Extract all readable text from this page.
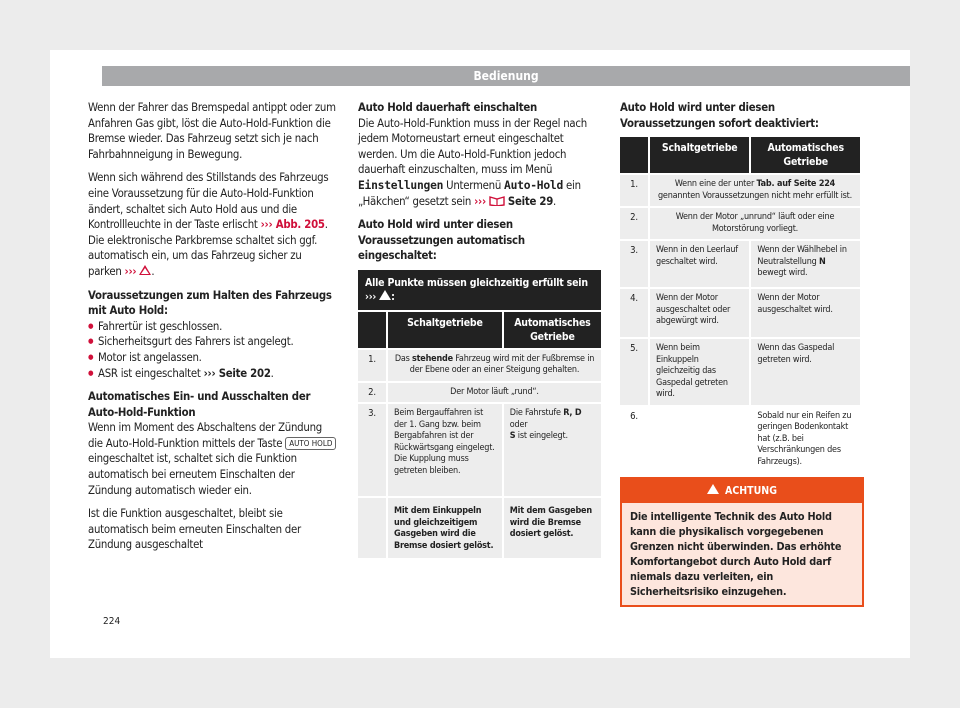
Bedienung

Wenn der Fahrer das Bremspedal antippt oder zum Anfahren Gas gibt, löst die Auto-Hold-Funktion die Bremse wieder. Das Fahrzeug setzt sich je nach Fahrbahnneigung in Bewegung.

Wenn sich während des Stillstands des Fahrzeugs eine Voraussetzung für die Auto-Hold-Funktion ändert, schaltet sich Auto Hold aus und die Kontrollleuchte in der Taste erlischt ››› Abb. 205. Die elektronische Parkbremse schaltet sich ggf. automatisch ein, um das Fahrzeug sicher zu parken ››› .

Voraussetzungen zum Halten des Fahrzeugs mit Auto Hold:

● Fahrertür ist geschlossen.
● Sicherheitsgurt des Fahrers ist angelegt.
● Motor ist angelassen.
● ASR ist eingeschaltet ››› Seite 202.

Automatisches Ein- und Ausschalten der Auto-Hold-Funktion

Wenn im Moment des Abschaltens der Zündung die Auto-Hold-Funktion mittels der Taste AUTO HOLD eingeschaltet ist, schaltet sich die Funktion automatisch bei erneutem Einschalten der Zündung automatisch wieder ein.

Ist die Funktion ausgeschaltet, bleibt sie automatisch beim erneuten Einschalten der Zündung ausgeschaltet

Auto Hold dauerhaft einschalten

Die Auto-Hold-Funktion muss in der Regel nach jedem Motorneustart erneut eingeschaltet werden. Um die Auto-Hold-Funktion jedoch dauerhaft einzuschalten, muss im Menü Einstellungen Untermenü Auto-Hold ein „Häkchen“ gesetzt sein ››› Seite 29.

Auto Hold wird unter diesen Voraussetzungen automatisch eingeschaltet:

Alle Punkte müssen gleichzeitig erfüllt sein
››› :		
	Schaltgetriebe	Automatisches Getriebe
1.	Das stehende Fahrzeug wird mit der Fußbremse in der Ebene oder an einer Steigung gehalten.	
2.	Der Motor läuft „rund“.	
3.	Beim Bergauffahren ist der 1. Gang bzw. beim Bergabfahren ist der Rückwärtsgang eingelegt. Die Kupplung muss getreten bleiben.	Die Fahrstufe R, D oder
S ist eingelegt.
	Mit dem Einkuppeln und gleichzeitigem Gasgeben wird die Bremse dosiert gelöst.	Mit dem Gasgeben wird die Bremse dosiert gelöst.

Auto Hold wird unter diesen Voraussetzungen sofort deaktiviert:

	Schaltgetriebe	Automatisches Getriebe
1.	Wenn eine der unter Tab. auf Seite 224 genannten Voraussetzungen nicht mehr erfüllt ist.	
2.	Wenn der Motor „unrund“ läuft oder eine Motorstörung vorliegt.	
3.	Wenn in den Leerlauf geschaltet wird.	Wenn der Wählhebel in Neutralstellung N bewegt wird.
4.	Wenn der Motor ausgeschaltet oder abgewürgt wird.	Wenn der Motor ausgeschaltet wird.
5.	Wenn beim Einkuppeln gleichzeitig das Gaspedal getreten wird.	Wenn das Gaspedal getreten wird.
6.		Sobald nur ein Reifen zu geringen Bodenkontakt hat (z.B. bei Verschränkungen des Fahrzeugs).
ACHTUNG
Die intelligente Technik des Auto Hold kann die physikalisch vorgegebenen Grenzen nicht überwinden. Das erhöhte Komfortangebot durch Auto Hold darf niemals dazu verleiten, ein Sicherheitsrisiko einzugehen.
224
